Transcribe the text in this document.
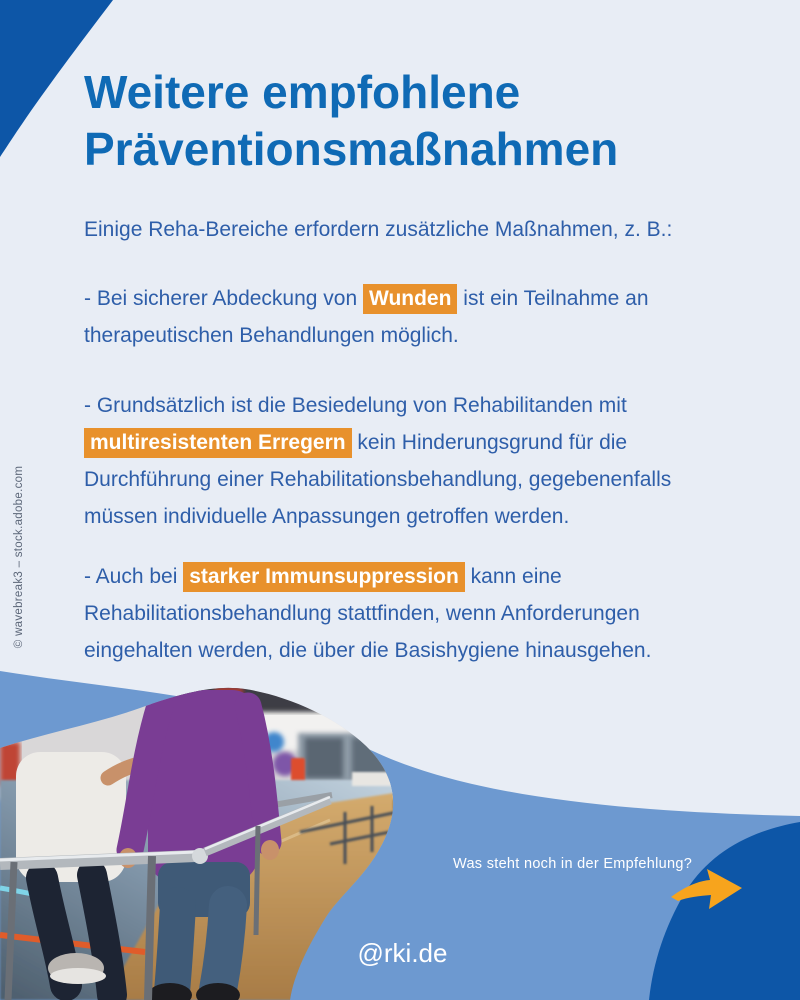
Weitere empfohlene
Präventionsmaßnahmen
Einige Reha-Bereiche erfordern zusätzliche Maßnahmen, z. B.:
- Bei sicherer Abdeckung von Wunden ist ein Teilnahme an therapeutischen Behandlungen möglich.
- Grundsätzlich ist die Besiedelung von Rehabilitanden mit multiresistenten Erregern kein Hinderungsgrund für die Durchführung einer Rehabilitationsbehandlung, gegebenenfalls müssen individuelle Anpassungen getroffen werden.
- Auch bei starker Immunsuppression kann eine Rehabilitationsbehandlung stattfinden, wenn Anforderungen eingehalten werden, die über die Basishygiene hinausgehen.
© wavebreak3 – stock.adobe.com
Was steht noch in der Empfehlung?
@rki.de
